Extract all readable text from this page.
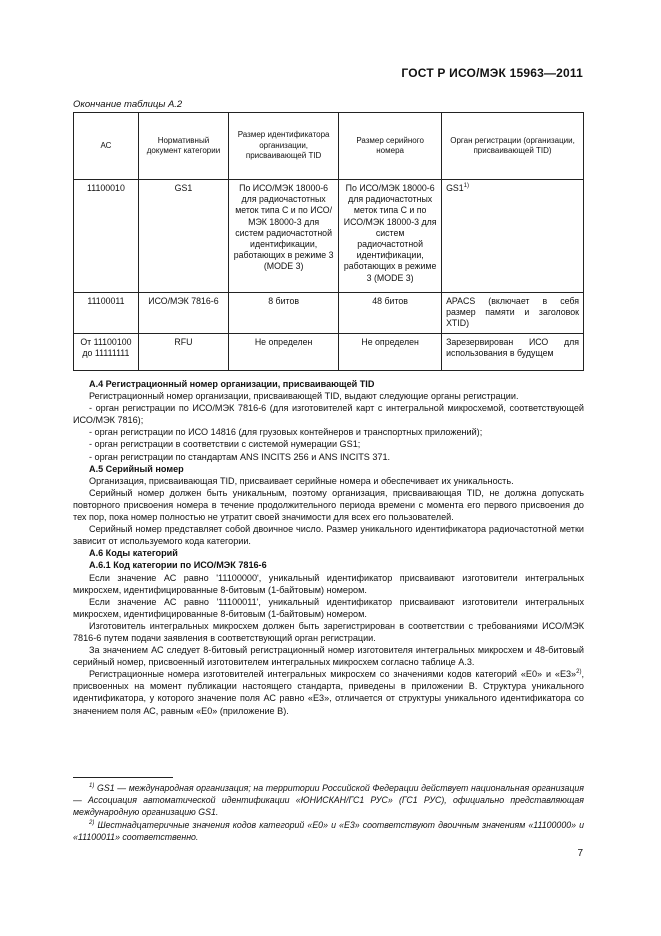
ГОСТ Р ИСО/МЭК 15963—2011
Окончание таблицы А.2
АС	Нормативный документ категории	Размер идентификатора организации, присваивающей TID	Размер серийного номера	Орган регистрации (организации, присваивающей TID)
11100010	GS1	По ИСО/МЭК 18000-6 для радиочастотных меток типа С и по ИСО/МЭК 18000-3 для систем радиочастотной идентификации, работающих в режиме 3 (MODE 3)	По ИСО/МЭК 18000-6 для радиочастотных меток типа С и по ИСО/МЭК 18000-3 для систем радиочастотной идентификации, работающих в режиме 3 (MODE 3)	GS1$^{1)}$
11100011	ИСО/МЭК 7816-6	8 битов	48 битов	APACS (включает в себя размер памяти и заголовок XTID)
От 11100100 до 11111111	RFU	Не определен	Не определен	Зарезервирован ИСО для использования в будущем

А.4 Регистрационный номер организации, присваивающей TID

Регистрационный номер организации, присваивающей TID, выдают следующие органы регистрации.

- орган регистрации по ИСО/МЭК 7816-6 (для изготовителей карт с интегральной микросхемой, соответствующей ИСО/МЭК 7816);

- орган регистрации по ИСО 14816 (для грузовых контейнеров и транспортных приложений);

- орган регистрации в соответствии с системой нумерации GS1;

- орган регистрации по стандартам ANS INCITS 256 и ANS INCITS 371.

А.5 Серийный номер

Организация, присваивающая TID, присваивает серийные номера и обеспечивает их уникальность.

Серийный номер должен быть уникальным, поэтому организация, присваивающая TID, не должна допускать повторного присвоения номера в течение продолжительного периода времени с момента его первого присвоения до тех пор, пока номер полностью не утратит своей значимости для всех его пользователей.

Серийный номер представляет собой двоичное число. Размер уникального идентификатора радиочастотной метки зависит от используемого кода категории.

А.6 Коды категорий

А.6.1 Код категории по ИСО/МЭК 7816-6

Если значение АС равно '11100000', уникальный идентификатор присваивают изготовители интегральных микросхем, идентифицированные 8-битовым (1-байтовым) номером.

Если значение АС равно '11100011', уникальный идентификатор присваивают изготовители интегральных микросхем, идентифицированные 8-битовым (1-байтовым) номером.

Изготовитель интегральных микросхем должен быть зарегистрирован в соответствии с требованиями ИСО/МЭК 7816-6 путем подачи заявления в соответствующий орган регистрации.

За значением АС следует 8-битовый регистрационный номер изготовителя интегральных микросхем и 48-битовый серийный номер, присвоенный изготовителем интегральных микросхем согласно таблице А.3.

Регистрационные номера изготовителей интегральных микросхем со значениями кодов категорий «Е0» и «Е3»$^{2)}$, присвоенных на момент публикации настоящего стандарта, приведены в приложении В. Структура уникального идентификатора, у которого значение поля АС равно «Е3», отличается от структуры уникального идентификатора со значением поля АС, равным «Е0» (приложение В).

$^{1)}$ GS1 — международная организация; на территории Российской Федерации действует национальная организация — Ассоциация автоматической идентификации «ЮНИСКАН/ГС1 РУС» (ГС1 РУС), официально представляющая международную организацию GS1.

$^{2)}$ Шестнадцатеричные значения кодов категорий «Е0» и «Е3» соответствуют двоичным значениям «11100000» и «11100011» соответственно.

7
